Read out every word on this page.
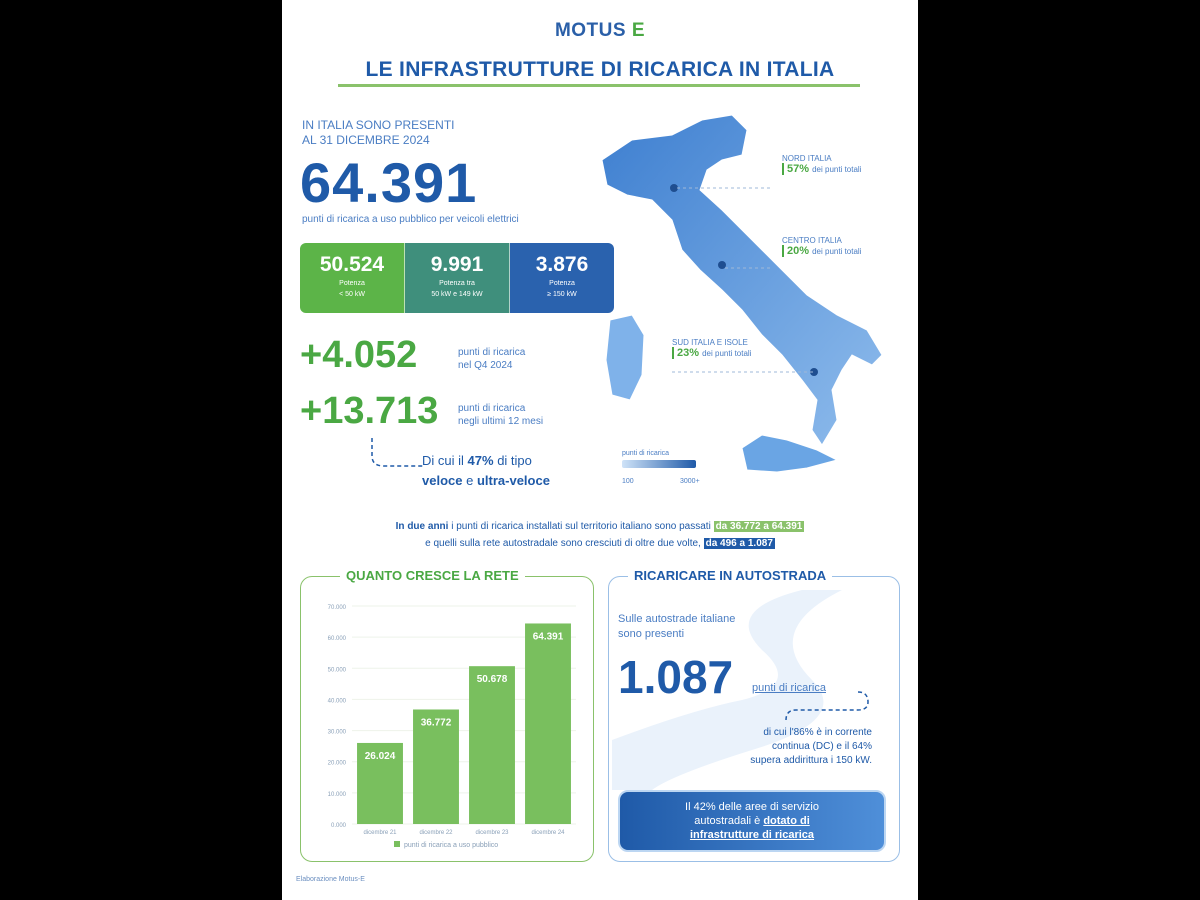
MOTUS E
LE INFRASTRUTTURE DI RICARICA IN ITALIA
IN ITALIA SONO PRESENTI
AL 31 DICEMBRE 2024
64.391
punti di ricarica a uso pubblico per veicoli elettrici
50.524
Potenza
< 50 kW
9.991
Potenza tra
50 kW e 149 kW
3.876
Potenza
≥ 150 kW
+4.052	punti di ricarica
nel Q4 2024
+13.713 punti di ricarica
negli ultimi 12 mesi
Di cui il 47% di tipo
veloce e ultra-veloce
NORD ITALIA
57% dei punti totali
CENTRO ITALIA
20% dei punti totali
SUD ITALIA E ISOLE
23% dei punti totali
punti di ricarica
100	3000+
In due anni i punti di ricarica installati sul territorio italiano sono passati da 36.772 a 64.391
e quelli sulla rete autostradale sono cresciuti di oltre due volte, da 496 a 1.087
QUANTO CRESCE LA RETE
0.000
10.000
20.000
30.000
40.000
50.000
60.000
70.000
26.024
dicembre 21
36.772
dicembre 22
50.678
dicembre 23
64.391
dicembre 24
punti di ricarica a uso pubblico
RICARICARE IN AUTOSTRADA
Sulle autostrade italiane
sono presenti
1.087 punti di ricarica
di cui l'86% è in corrente
continua (DC) e il 64%
supera addirittura i 150 kW.
Il 42% delle aree di servizio
autostradali è dotato di
infrastrutture di ricarica
Elaborazione Motus-E
